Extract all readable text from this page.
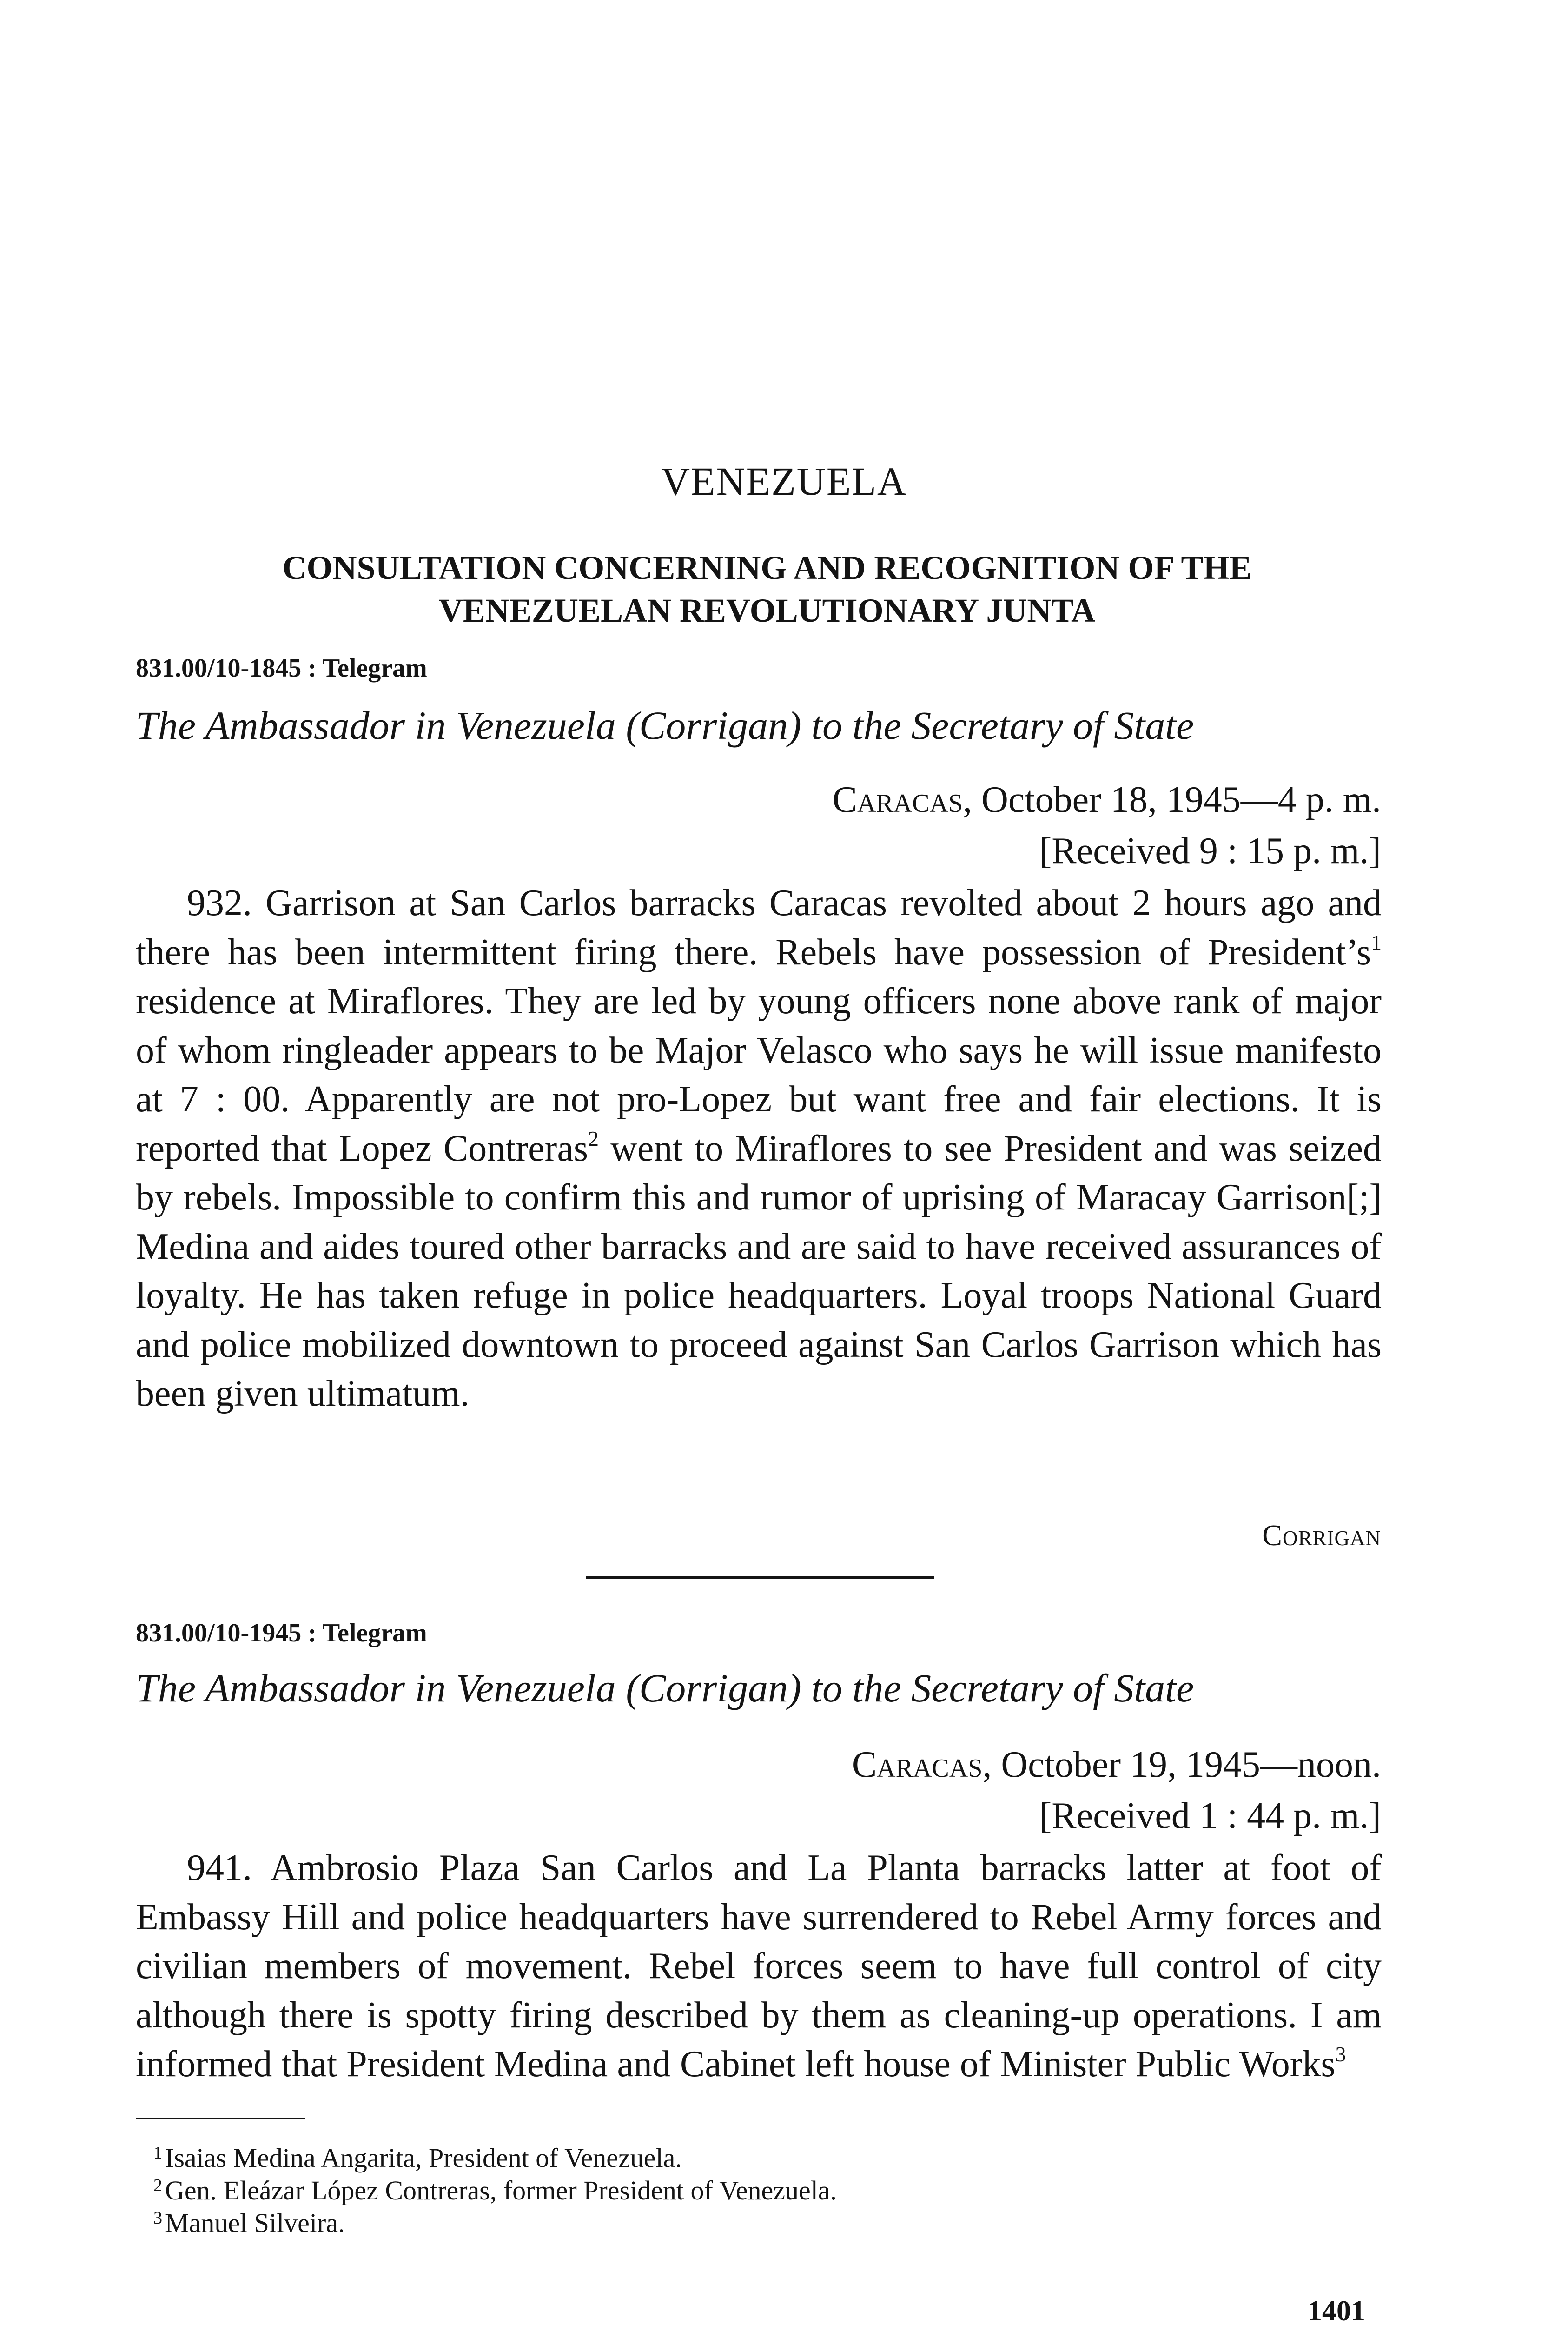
VENEZUELA
CONSULTATION CONCERNING AND RECOGNITION OF THE
VENEZUELAN REVOLUTIONARY JUNTA
831.00/10-1845 : Telegram
The Ambassador in Venezuela (Corrigan) to the Secretary of State
Caracas, October 18, 1945—4 p. m.
[Received 9 : 15 p. m.]

932. Garrison at San Carlos barracks Caracas revolted about 2 hours ago and there has been intermittent firing there. Rebels have possession of President’s$^1$ residence at Miraflores. They are led by young officers none above rank of major of whom ringleader appears to be Major Velasco who says he will issue manifesto at 7 : 00. Apparently are not pro-Lopez but want free and fair elections. It is reported that Lopez Contreras$^2$ went to Miraflores to see President and was seized by rebels. Impossible to confirm this and rumor of uprising of Maracay Garrison[;] Medina and aides toured other barracks and are said to have received assurances of loyalty. He has taken refuge in police headquarters. Loyal troops National Guard and police mobilized downtown to proceed against San Carlos Garrison which has been given ultimatum.

Corrigan
831.00/10-1945 : Telegram
The Ambassador in Venezuela (Corrigan) to the Secretary of State
Caracas, October 19, 1945—noon.
[Received 1 : 44 p. m.]

941. Ambrosio Plaza San Carlos and La Planta barracks latter at foot of Embassy Hill and police headquarters have surrendered to Rebel Army forces and civilian members of movement. Rebel forces seem to have full control of city although there is spotty firing described by them as cleaning-up operations. I am informed that President Medina and Cabinet left house of Minister Public Works$^3$

$^1$ Isaias Medina Angarita, President of Venezuela.
$^2$ Gen. Eleázar López Contreras, former President of Venezuela.
$^3$ Manuel Silveira.
1401
